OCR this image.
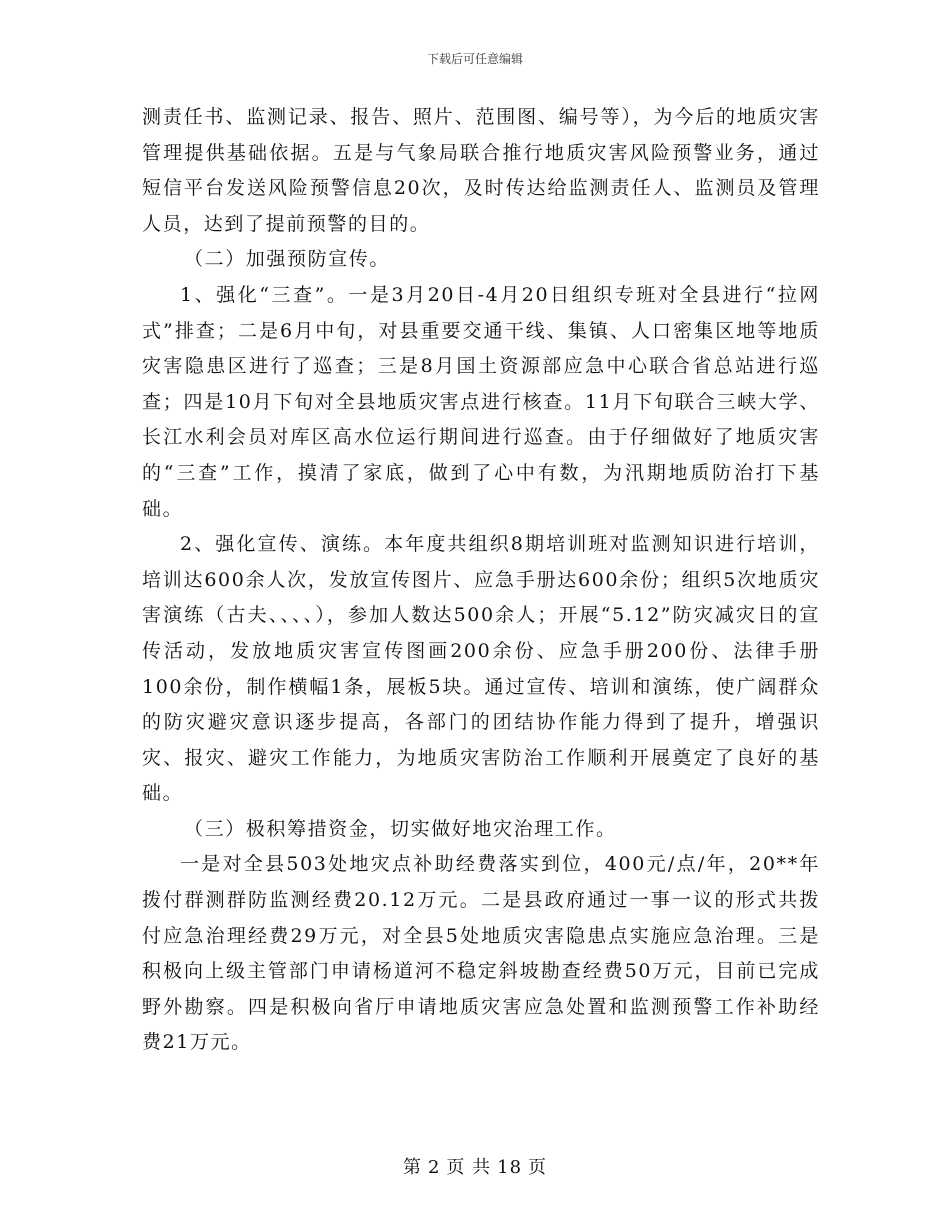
下载后可任意编辑

测责任书、监测记录、报告、照片、范围图、编号等），为今后的地质灾害管理提供基础依据。五是与气象局联合推行地质灾害风险预警业务，通过短信平台发送风险预警信息20次，及时传达给监测责任人、监测员及管理人员，达到了提前预警的目的。

（二）加强预防宣传。

1、强化“三查”。一是3月20日-4月20日组织专班对全县进行“拉网式”排查；二是6月中旬，对县重要交通干线、集镇、人口密集区地等地质灾害隐患区进行了巡查；三是8月国土资源部应急中心联合省总站进行巡查；四是10月下旬对全县地质灾害点进行核查。11月下旬联合三峡大学、长江水利会员对库区高水位运行期间进行巡查。由于仔细做好了地质灾害的“三查”工作，摸清了家底，做到了心中有数，为汛期地质防治打下基础。

2、强化宣传、演练。本年度共组织8期培训班对监测知识进行培训，培训达600余人次，发放宣传图片、应急手册达600余份；组织5次地质灾害演练（古夫、、、、），参加人数达500余人；开展“5.12”防灾减灾日的宣传活动，发放地质灾害宣传图画200余份、应急手册200份、法律手册100余份，制作横幅1条，展板5块。通过宣传、培训和演练，使广阔群众的防灾避灾意识逐步提高，各部门的团结协作能力得到了提升，增强识灾、报灾、避灾工作能力，为地质灾害防治工作顺利开展奠定了良好的基础。

（三）极积筹措资金，切实做好地灾治理工作。

一是对全县503处地灾点补助经费落实到位，400元/点/年，20**年拨付群测群防监测经费20.12万元。二是县政府通过一事一议的形式共拨付应急治理经费29万元，对全县5处地质灾害隐患点实施应急治理。三是积极向上级主管部门申请杨道河不稳定斜坡勘查经费50万元，目前已完成野外勘察。四是积极向省厅申请地质灾害应急处置和监测预警工作补助经费21万元。

第 2 页 共 18 页
